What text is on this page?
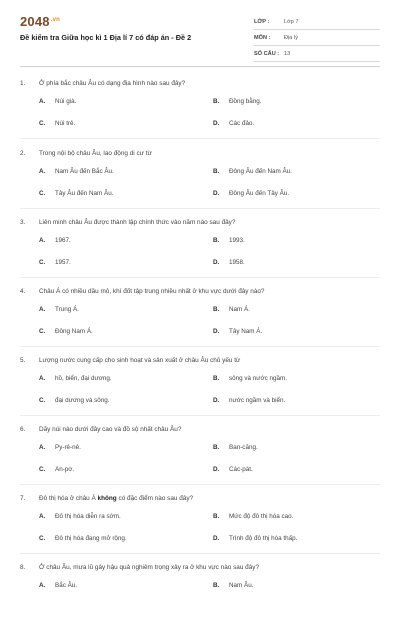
$2048^{.vn}$
Đề kiểm tra Giữa học kì 1 Địa lí 7 có đáp án - Đề 2
LỚP :	Lớp 7
MÔN :	Địa lý
SỐ CÂU : 13
1. Ở phía bắc châu Âu có dạng địa hình nào sau đây?
A. Núi già.	B. Đồng bằng.
C. Núi trẻ.	D. Các đảo.
2. Trong nội bộ châu Âu, lao động di cư từ
A. Nam Âu đến Bắc Âu.	B. Đông Âu đến Nam Âu.
C. Tây Âu đến Nam Âu.	D. Đông Âu đến Tây Âu.
3. Liên minh châu Âu được thành lập chính thức vào năm nào sau đây?
A. 1967.	B. 1993.
C. 1957.	D. 1958.
4. Châu Á có nhiều dầu mỏ, khí đốt tập trung nhiều nhất ở khu vực dưới đây nào?
A. Trung Á.	B. Nam Á.
C. Đông Nam Á.	D. Tây Nam Á.
5. Lượng nước cung cấp cho sinh hoạt và sản xuất ở châu Âu chủ yếu từ
A. hồ, biển, đại dương.	B. sông và nước ngầm.
C. đại dương và sông.	D. nước ngầm và biển.
6. Dãy núi nào dưới đây cao và đồ sộ nhất châu Âu?
A. Py-rê-nê.	B. Ban-căng.
C. An-pơ.	D. Các-pát.
7. Đô thị hóa ở châu Á không có đặc điểm nào sau đây?
A. Đô thị hóa diễn ra sớm.	B. Mức độ đô thị hóa cao.
C. Đô thị hóa đang mở rộng.	D. Trình độ đô thị hóa thấp.
8. Ở châu Âu, mưa lũ gây hậu quả nghiêm trọng xảy ra ở khu vực nào sau đây?
A. Bắc Âu.	B. Nam Âu.
